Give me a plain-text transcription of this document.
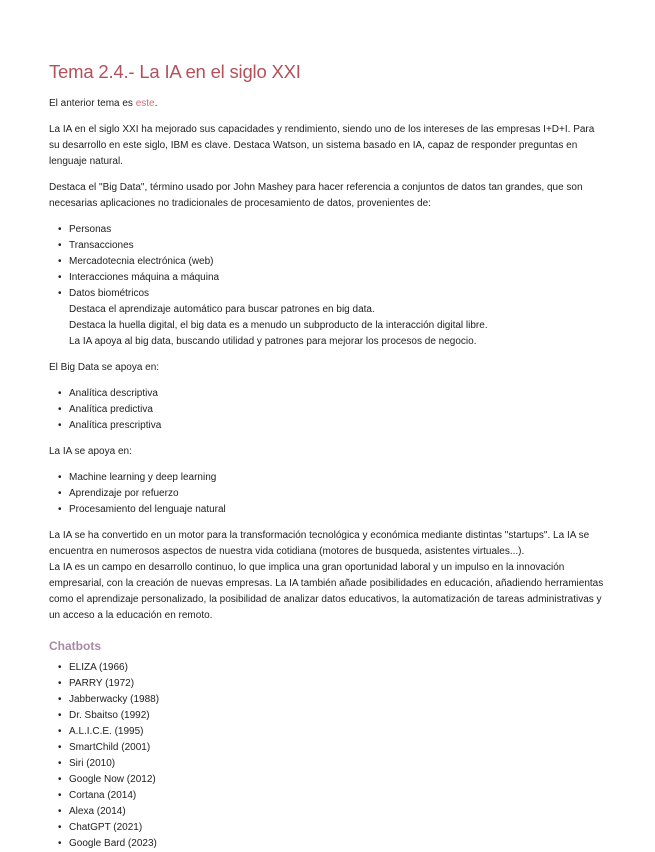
Tema 2.4.- La IA en el siglo XXI

El anterior tema es este.

La IA en el siglo XXI ha mejorado sus capacidades y rendimiento, siendo uno de los intereses de las empresas I+D+I. Para su desarrollo en este siglo, IBM es clave. Destaca Watson, un sistema basado en IA, capaz de responder preguntas en lenguaje natural.

Destaca el "Big Data", término usado por John Mashey para hacer referencia a conjuntos de datos tan grandes, que son necesarias aplicaciones no tradicionales de procesamiento de datos, provenientes de:

• Personas
• Transacciones
• Mercadotecnia electrónica (web)
• Interacciones máquina a máquina
• Datos biométricos
Destaca el aprendizaje automático para buscar patrones en big data.
Destaca la huella digital, el big data es a menudo un subproducto de la interacción digital libre.
La IA apoya al big data, buscando utilidad y patrones para mejorar los procesos de negocio.

El Big Data se apoya en:

• Analítica descriptiva
• Analítica predictiva
• Analítica prescriptiva

La IA se apoya en:

• Machine learning y deep learning
• Aprendizaje por refuerzo
• Procesamiento del lenguaje natural

La IA se ha convertido en un motor para la transformación tecnológica y económica mediante distintas "startups". La IA se encuentra en numerosos aspectos de nuestra vida cotidiana (motores de busqueda, asistentes virtuales...).
La IA es un campo en desarrollo continuo, lo que implica una gran oportunidad laboral y un impulso en la innovación empresarial, con la creación de nuevas empresas. La IA también añade posibilidades en educación, añadiendo herramientas como el aprendizaje personalizado, la posibilidad de analizar datos educativos, la automatización de tareas administrativas y un acceso a la educación en remoto.

Chatbots
• ELIZA (1966)
• PARRY (1972)
• Jabberwacky (1988)
• Dr. Sbaitso (1992)
• A.L.I.C.E. (1995)
• SmartChild (2001)
• Siri (2010)
• Google Now (2012)
• Cortana (2014)
• Alexa (2014)
• ChatGPT (2021)
• Google Bard (2023)
